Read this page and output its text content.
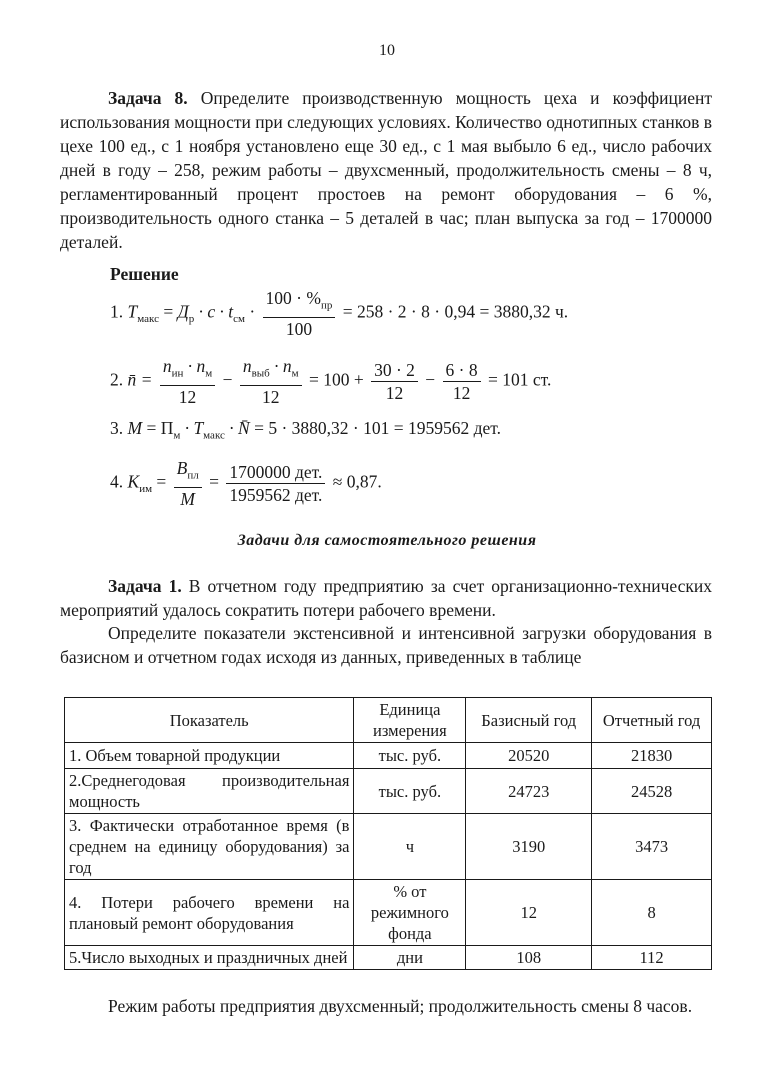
10
Задача 8. Определите производственную мощность цеха и коэффициент использования мощности при следующих условиях. Количество однотипных станков в цехе 100 ед., с 1 ноября установлено еще 30 ед., с 1 мая выбыло 6 ед., число рабочих дней в году – 258, режим работы – двухсменный, продолжительность смены – 8 ч, регламентированный процент простоев на ремонт оборудования – 6 %, производительность одного станка – 5 деталей в час; план выпуска за год – 1700000 деталей.
Решение
1. $T_{макс} = Д_р \cdot c \cdot t_{см} \cdot \frac{100 \cdot \%_{пр}}{100} = 258 \cdot 2 \cdot 8 \cdot 0,94 = 3880,32$ ч.
2. n̄ = $\frac{n_{ин} \cdot n_м}{12} - \frac{n_{выб} \cdot n_м}{12} = 100 + \frac{30 \cdot 2}{12} - \frac{6 \cdot 8}{12} = 101$ ст.
3. $M = П_м \cdot T_{макс}$ · N̄ = 5 · 3880,32 · 101 = 1959562 дет.
4. $K_{им} = \frac{B_{пл}}{M} = \frac{\text{1700000 дет.}}{\text{1959562 дет.}} \approx 0,87$.
Задачи для самостоятельного решения
Задача 1. В отчетном году предприятию за счет организационно-технических мероприятий удалось сократить потери рабочего времени.
Определите показатели экстенсивной и интенсивной загрузки оборудования в базисном и отчетном годах исходя из данных, приведенных в таблице
Показатель	Единица измерения	Базисный год	Отчетный год
1. Объем товарной продукции	тыс. руб.	20520	21830
2.Среднегодовая производительная мощность	тыс. руб.	24723	24528
3. Фактически отработанное время (в среднем на единицу оборудования) за год	ч	3190	3473
4. Потери рабочего времени на плановый ремонт оборудования	% от режимного фонда	12	8
5.Число выходных и праздничных дней	дни	108	112
Режим работы предприятия двухсменный; продолжительность смены 8 часов.
